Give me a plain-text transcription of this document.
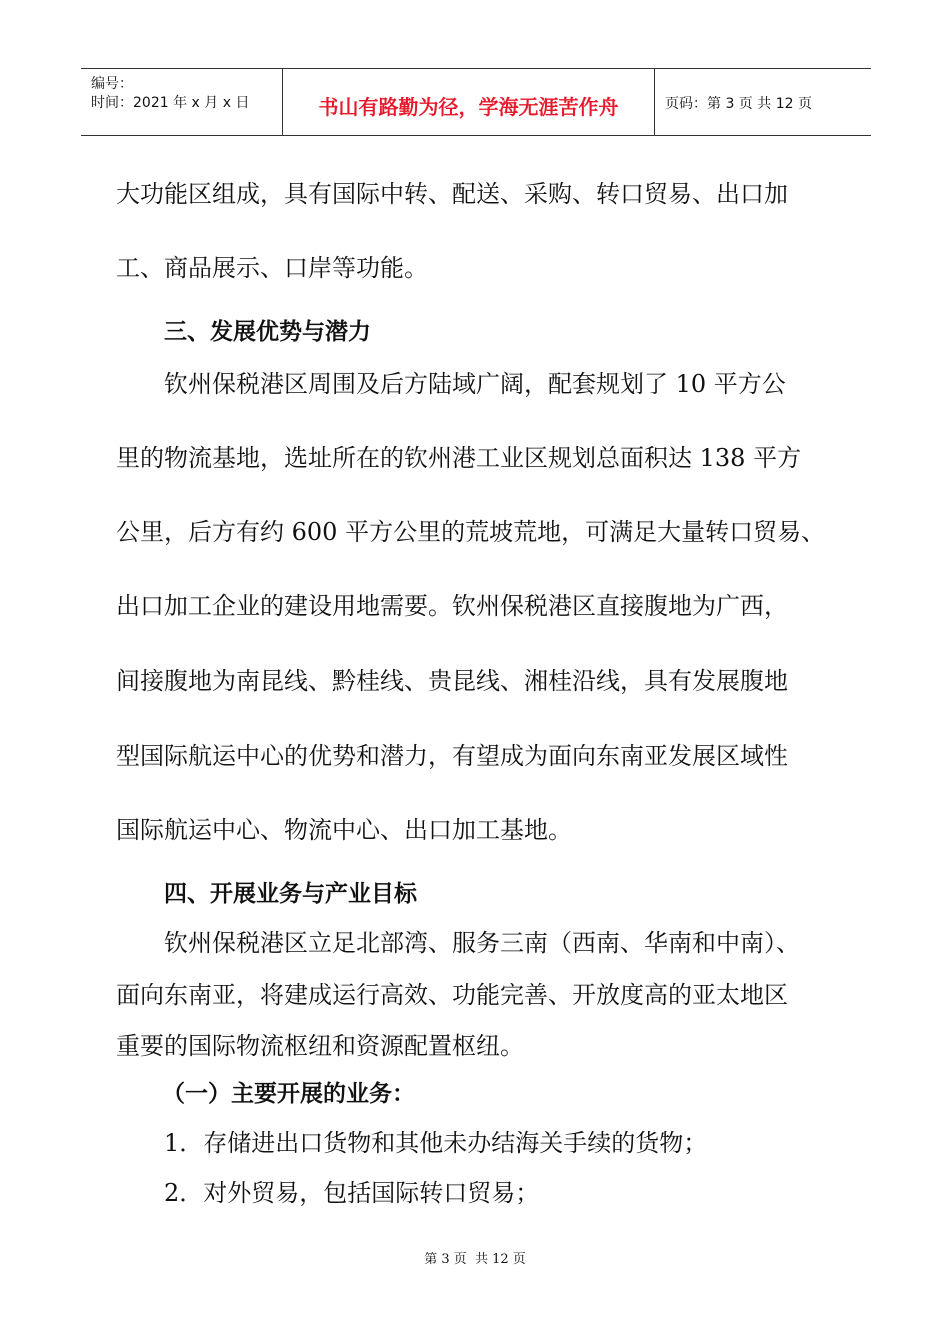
编号：
时间：2021 年 x 月 x 日	书山有路勤为径，学海无涯苦作舟	页码：第 3 页 共 12 页
大功能区组成，具有国际中转、配送、采购、转口贸易、出口加
工、商品展示、口岸等功能。
三、发展优势与潜力
钦州保税港区周围及后方陆域广阔，配套规划了 10 平方公
里的物流基地，选址所在的钦州港工业区规划总面积达 138 平方
公里，后方有约 600 平方公里的荒坡荒地，可满足大量转口贸易、
出口加工企业的建设用地需要。钦州保税港区直接腹地为广西，
间接腹地为南昆线、黔桂线、贵昆线、湘桂沿线，具有发展腹地
型国际航运中心的优势和潜力，有望成为面向东南亚发展区域性
国际航运中心、物流中心、出口加工基地。
四、开展业务与产业目标
钦州保税港区立足北部湾、服务三南（西南、华南和中南）、
面向东南亚，将建成运行高效、功能完善、开放度高的亚太地区
重要的国际物流枢纽和资源配置枢纽。
（一）主要开展的业务：
1．存储进出口货物和其他未办结海关手续的货物；
2．对外贸易，包括国际转口贸易；
第 3 页  共 12 页
